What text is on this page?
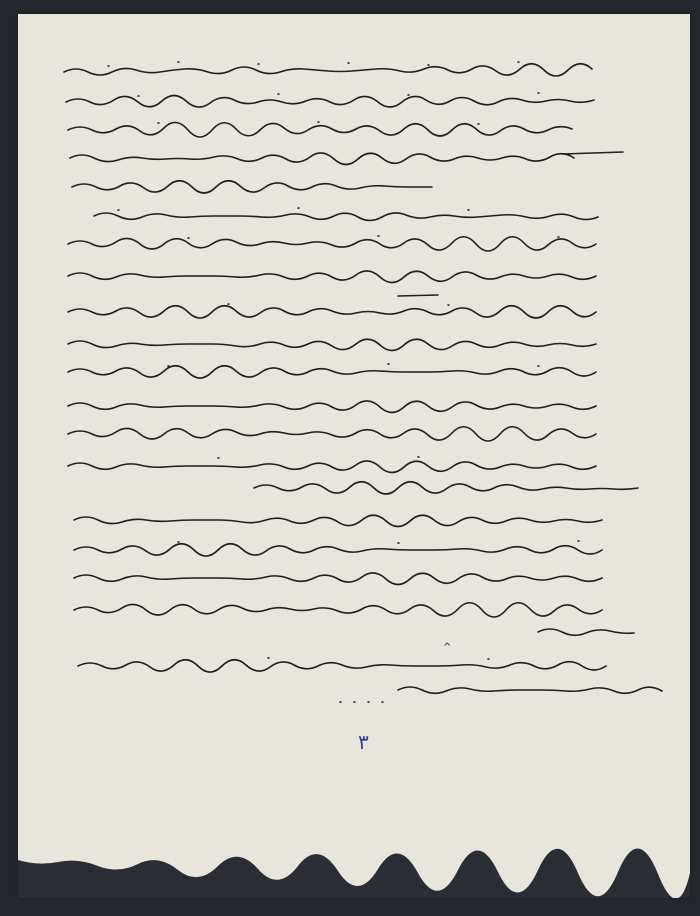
٣
^
